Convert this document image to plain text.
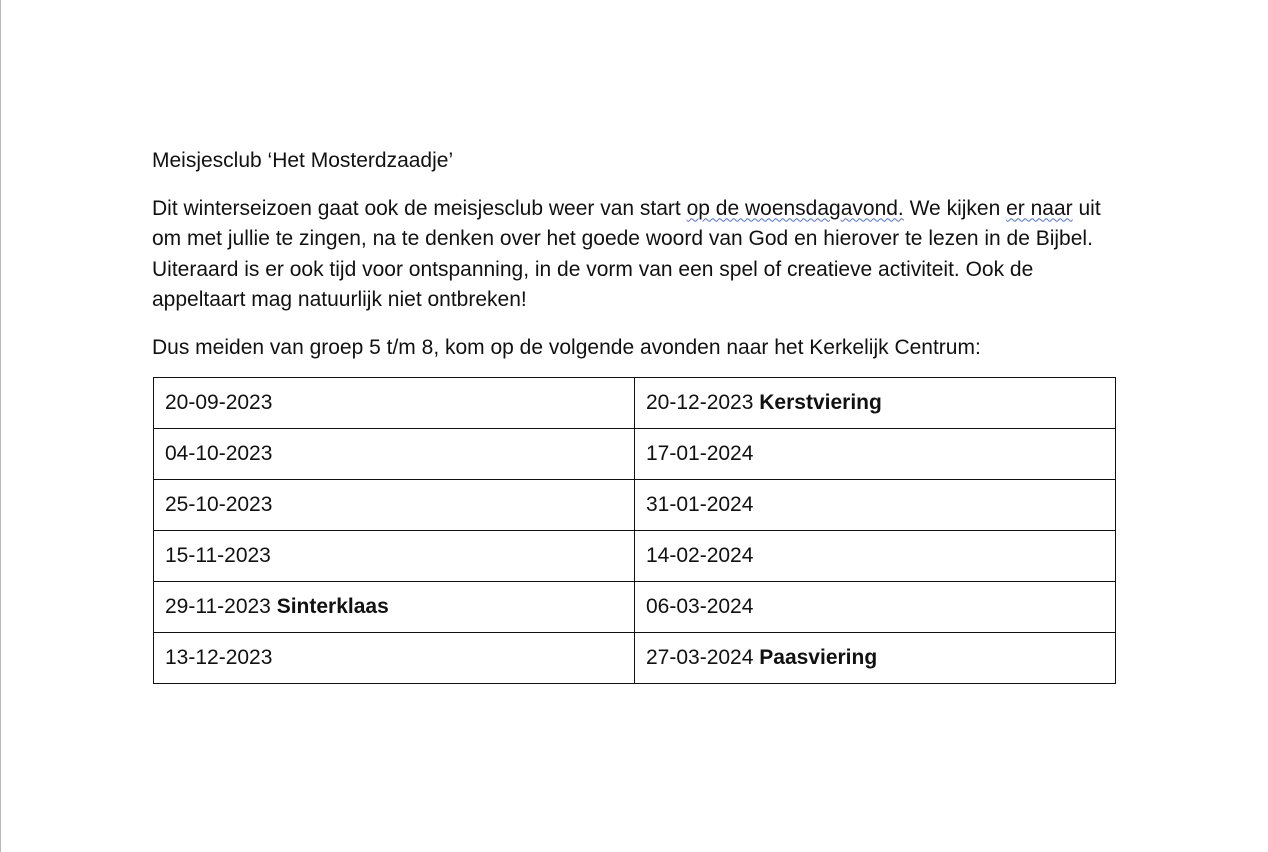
Meisjesclub ‘Het Mosterdzaadje’

Dit winterseizoen gaat ook de meisjesclub weer van start op de woensdagavond. We kijken er naar uit om met jullie te zingen, na te denken over het goede woord van God en hierover te lezen in de Bijbel. Uiteraard is er ook tijd voor ontspanning, in de vorm van een spel of creatieve activiteit. Ook de appeltaart mag natuurlijk niet ontbreken!

Dus meiden van groep 5 t/m 8, kom op de volgende avonden naar het Kerkelijk Centrum:

20-09-2023	20-12-2023 Kerstviering
04-10-2023	17-01-2024
25-10-2023	31-01-2024
15-11-2023	14-02-2024
29-11-2023 Sinterklaas	06-03-2024
13-12-2023	27-03-2024 Paasviering
